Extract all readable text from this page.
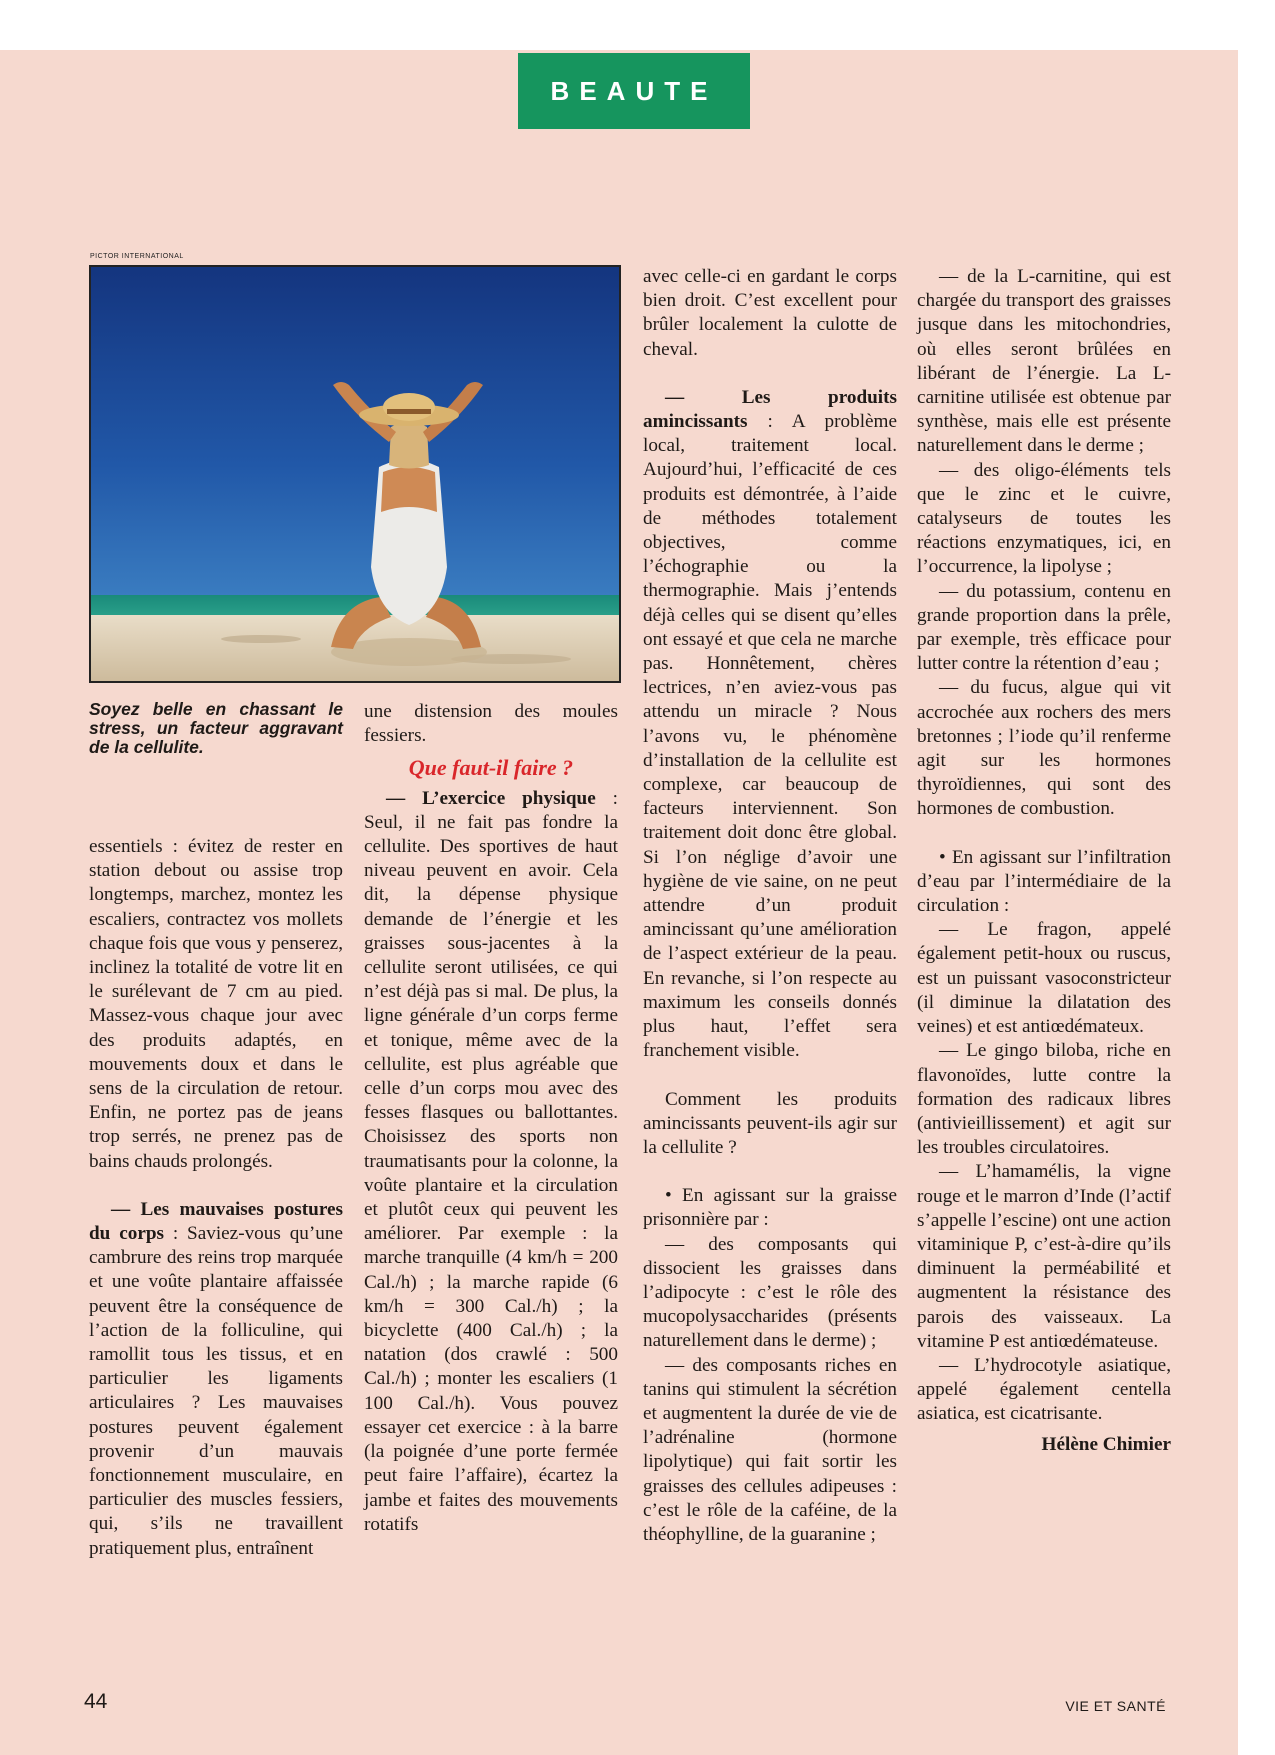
BEAUTE
PICTOR INTERNATIONAL
Soyez belle en chassant le stress, un facteur aggravant de la cellulite.

essentiels : évitez de rester en station debout ou assise trop longtemps, marchez, montez les escaliers, contractez vos mollets chaque fois que vous y penserez, inclinez la totalité de votre lit en le surélevant de 7 cm au pied. Massez-vous chaque jour avec des produits adaptés, en mouvements doux et dans le sens de la circulation de retour. Enfin, ne portez pas de jeans trop serrés, ne prenez pas de bains chauds prolongés.

— Les mauvaises postures du corps : Saviez-vous qu’une cambrure des reins trop marquée et une voûte plantaire affaissée peuvent être la conséquence de l’action de la folliculine, qui ramollit tous les tissus, et en particulier les ligaments articulaires ? Les mauvaises postures peuvent également provenir d’un mauvais fonctionnement musculaire, en particulier des muscles fessiers, qui, s’ils ne travaillent pratiquement plus, entraînent

une distension des moules fessiers.

Que faut-il faire ?

— L’exercice physique : Seul, il ne fait pas fondre la cellulite. Des sportives de haut niveau peuvent en avoir. Cela dit, la dépense physique demande de l’énergie et les graisses sous-jacentes à la cellulite seront utilisées, ce qui n’est déjà pas si mal. De plus, la ligne générale d’un corps ferme et tonique, même avec de la cellulite, est plus agréable que celle d’un corps mou avec des fesses flasques ou ballottantes. Choisissez des sports non traumatisants pour la colonne, la voûte plantaire et la circulation et plutôt ceux qui peuvent les améliorer. Par exemple : la marche tranquille (4 km/h = 200 Cal./h) ; la marche rapide (6 km/h = 300 Cal./h) ; la bicyclette (400 Cal./h) ; la natation (dos crawlé : 500 Cal./h) ; monter les escaliers (1 100 Cal./h). Vous pouvez essayer cet exercice : à la barre (la poignée d’une porte fermée peut faire l’affaire), écartez la jambe et faites des mouvements rotatifs

avec celle-ci en gardant le corps bien droit. C’est excellent pour brûler localement la culotte de cheval.

— Les produits amincissants : A problème local, traitement local. Aujourd’hui, l’efficacité de ces produits est démontrée, à l’aide de méthodes totalement objectives, comme l’échographie ou la thermographie. Mais j’entends déjà celles qui se disent qu’elles ont essayé et que cela ne marche pas. Honnêtement, chères lectrices, n’en aviez-vous pas attendu un miracle ? Nous l’avons vu, le phénomène d’installation de la cellulite est complexe, car beaucoup de facteurs interviennent. Son traitement doit donc être global. Si l’on néglige d’avoir une hygiène de vie saine, on ne peut attendre d’un produit amincissant qu’une amélioration de l’aspect extérieur de la peau. En revanche, si l’on respecte au maximum les conseils donnés plus haut, l’effet sera franchement visible.

Comment les produits amincissants peuvent-ils agir sur la cellulite ?

• En agissant sur la graisse prisonnière par :

— des composants qui dissocient les graisses dans l’adipocyte : c’est le rôle des mucopolysaccharides (présents naturellement dans le derme) ;

— des composants riches en tanins qui stimulent la sécrétion et augmentent la durée de vie de l’adrénaline (hormone lipolytique) qui fait sortir les graisses des cellules adipeuses : c’est le rôle de la caféine, de la théophylline, de la guaranine ;

— de la L-carnitine, qui est chargée du transport des graisses jusque dans les mitochondries, où elles seront brûlées en libérant de l’énergie. La L-carnitine utilisée est obtenue par synthèse, mais elle est présente naturellement dans le derme ;

— des oligo-éléments tels que le zinc et le cuivre, catalyseurs de toutes les réactions enzymatiques, ici, en l’occurrence, la lipolyse ;

— du potassium, contenu en grande proportion dans la prêle, par exemple, très efficace pour lutter contre la rétention d’eau ;

— du fucus, algue qui vit accrochée aux rochers des mers bretonnes ; l’iode qu’il renferme agit sur les hormones thyroïdiennes, qui sont des hormones de combustion.

• En agissant sur l’infiltration d’eau par l’intermédiaire de la circulation :

— Le fragon, appelé également petit-houx ou ruscus, est un puissant vasoconstricteur (il diminue la dilatation des veines) et est antiœdémateux.

— Le gingo biloba, riche en flavonoïdes, lutte contre la formation des radicaux libres (antivieillissement) et agit sur les troubles circulatoires.

— L’hamamélis, la vigne rouge et le marron d’Inde (l’actif s’appelle l’escine) ont une action vitaminique P, c’est-à-dire qu’ils diminuent la perméabilité et augmentent la résistance des parois des vaisseaux. La vitamine P est antiœdémateuse.

— L’hydrocotyle asiatique, appelé également centella asiatica, est cicatrisante.

Hélène Chimier

44	VIE ET SANTÉ
